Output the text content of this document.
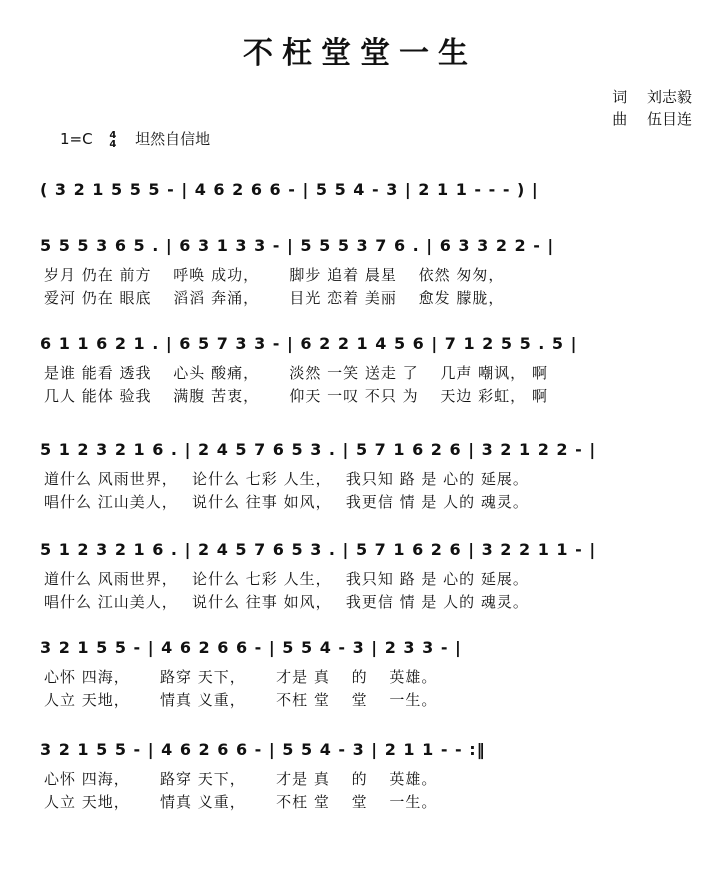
不枉堂堂一生
词 刘志毅
曲 伍目连
1=C 4
4 坦然自信地
( 3 2 1 5 5 5 - | 4 6 2 6 6 - | 5 5 4 - 3 | 2 1 1 - - - ) |
5 5 5 3 6 5 . | 6 3 1 3 3 - | 5 5 5 3 7 6 . | 6 3 3 2 2 - |
岁月 仍在 前方　 呼唤 成功，　　 脚步 追着 晨星　 依然 匆匆，
爱河 仍在 眼底　 滔滔 奔涌，　　 目光 恋着 美丽　 愈发 朦胧，
6 1 1 6 2 1 . | 6 5 7 3 3 - | 6 2 2 1 4 5 6 | 7 1 2 5 5 . 5 |
是谁 能看 透我　 心头 酸痛，　　 淡然 一笑 送走 了　 几声 嘲讽， 啊
几人 能体 验我　 满腹 苦衷，　　 仰天 一叹 不只 为　 天边 彩虹， 啊
5 1 2 3 2 1 6 . | 2 4 5 7 6 5 3 . | 5 7 1 6 2 6 | 3 2 1 2 2 - |
道什么 风雨世界，　 论什么 七彩 人生，　 我只知 路 是 心的 延展。
唱什么 江山美人，　 说什么 往事 如风，　 我更信 情 是 人的 魂灵。
5 1 2 3 2 1 6 . | 2 4 5 7 6 5 3 . | 5 7 1 6 2 6 | 3 2 2 1 1 - |
道什么 风雨世界，　 论什么 七彩 人生，　 我只知 路 是 心的 延展。
唱什么 江山美人，　 说什么 往事 如风，　 我更信 情 是 人的 魂灵。
3 2 1 5 5 - | 4 6 2 6 6 - | 5 5 4 - 3 | 2 3 3 - |
心怀 四海，　　 路穿 天下，　　 才是 真　 的　 英雄。
人立 天地，　　 情真 义重，　　 不枉 堂　 堂　 一生。
3 2 1 5 5 - | 4 6 2 6 6 - | 5 5 4 - 3 | 2 1 1 - - :‖
心怀 四海，　　 路穿 天下，　　 才是 真　 的　 英雄。
人立 天地，　　 情真 义重，　　 不枉 堂　 堂　 一生。
